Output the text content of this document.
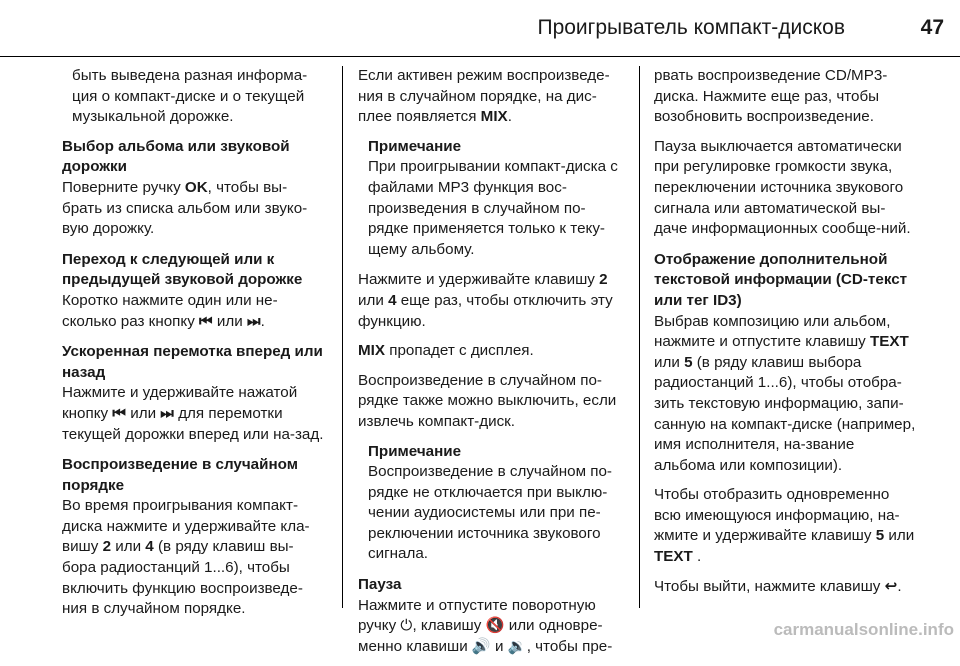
Проигрыватель компакт-дисков	47

быть выведена разная информа-ция о компакт-диске и о текущей музыкальной дорожке.

Выбор альбома или звуковой дорожки

Поверните ручку OK, чтобы вы-брать из списка альбом или звуко-вую дорожку.

Переход к следующей или к предыдущей звуковой дорожке

Коротко нажмите один или не-сколько раз кнопку ⏮ или ⏭.

Ускоренная перемотка вперед или назад

Нажмите и удерживайте нажатой кнопку ⏮ или ⏭ для перемотки текущей дорожки вперед или на-зад.

Воспроизведение в случайном порядке

Во время проигрывания компакт-диска нажмите и удерживайте кла-вишу 2 или 4 (в ряду клавиш вы-бора радиостанций 1...6), чтобы включить функцию воспроизведе-ния в случайном порядке.

Если активен режим воспроизведе-ния в случайном порядке, на дис-плее появляется MIX.

Примечание

При проигрывании компакт-диска с файлами MP3 функция вос-произведения в случайном по-рядке применяется только к теку-щему альбому.

Нажмите и удерживайте клавишу 2 или 4 еще раз, чтобы отключить эту функцию.

MIX пропадет с дисплея.

Воспроизведение в случайном по-рядке также можно выключить, если извлечь компакт-диск.

Примечание

Воспроизведение в случайном по-рядке не отключается при выклю-чении аудиосистемы или при пе-реключении источника звукового сигнала.

Пауза

Нажмите и отпустите поворотную ручку ⏻, клавишу 🔇 или одновре-менно клавиши 🔊 и 🔉, чтобы пре-

рвать воспроизведение CD/MP3-диска. Нажмите еще раз, чтобы возобновить воспроизведение.

Пауза выключается автоматически при регулировке громкости звука, переключении источника звукового сигнала или автоматической вы-даче информационных сообще-ний.

Отображение дополнительной текстовой информации (CD-текст или тег ID3)

Выбрав композицию или альбом, нажмите и отпустите клавишу TEXT или 5 (в ряду клавиш выбора радиостанций 1...6), чтобы отобра-зить текстовую информацию, запи-санную на компакт-диске (например, имя исполнителя, на-звание альбома или композиции).

Чтобы отобразить одновременно всю имеющуюся информацию, на-жмите и удерживайте клавишу 5 или TEXT .

Чтобы выйти, нажмите клавишу ↩.

carmanualsonline.info
